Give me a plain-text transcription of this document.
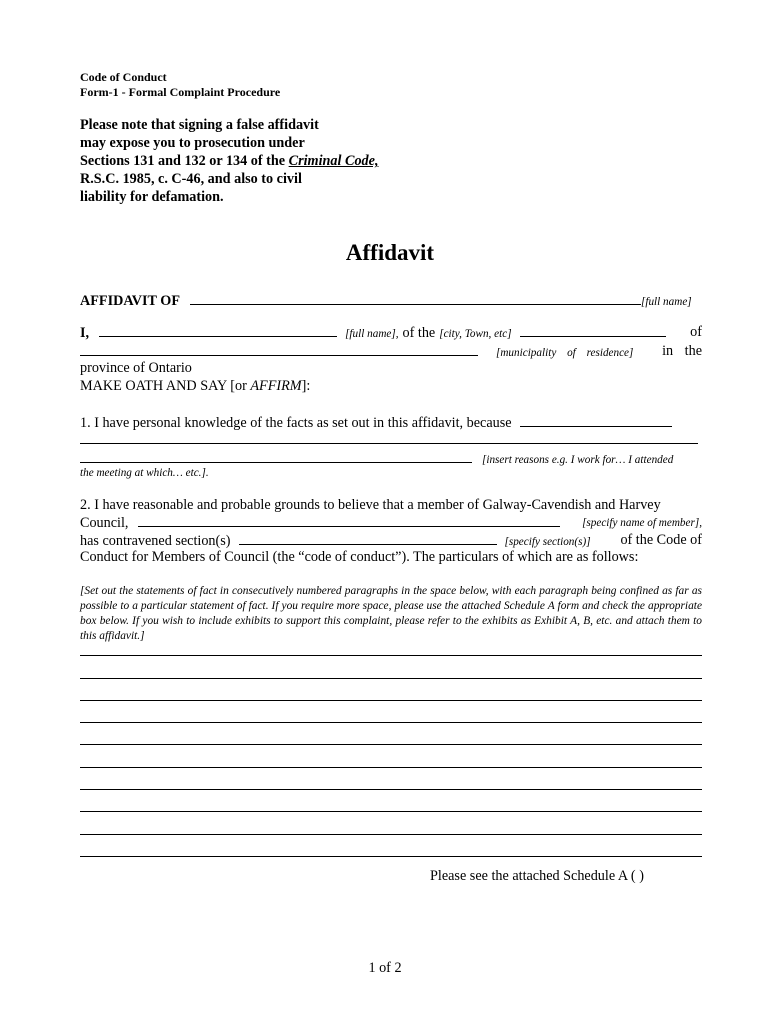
Code of Conduct
Form-1 - Formal Complaint Procedure
Please note that signing a false affidavit
may expose you to prosecution under
Sections 131 and 132 or 134 of the Criminal Code,
R.S.C. 1985, c. C-46, and also to civil
liability for defamation.
Affidavit
AFFIDAVIT OF	[full name]
I,	[full name], of the [city, Town, etc]	of
[municipality of residence] in the
province of Ontario
MAKE OATH AND SAY [or AFFIRM]:
1. I have personal knowledge of the facts as set out in this affidavit, because
[insert reasons e.g. I work for… I attended
the meeting at which… etc.].
2. I have reasonable and probable grounds to believe that a member of Galway-Cavendish and Harvey
Council,	[specify name of member],
has contravened section(s)	[specify section(s)] of the Code of
Conduct for Members of Council (the “code of conduct”). The particulars of which are as follows:
[Set out the statements of fact in consecutively numbered paragraphs in the space below, with each paragraph being confined as far as possible to a particular statement of fact. If you require more space, please use the attached Schedule A form and check the appropriate box below. If you wish to include exhibits to support this complaint, please refer to the exhibits as Exhibit A, B, etc. and attach them to this affidavit.]
Please see the attached Schedule A ( )
1 of 2
